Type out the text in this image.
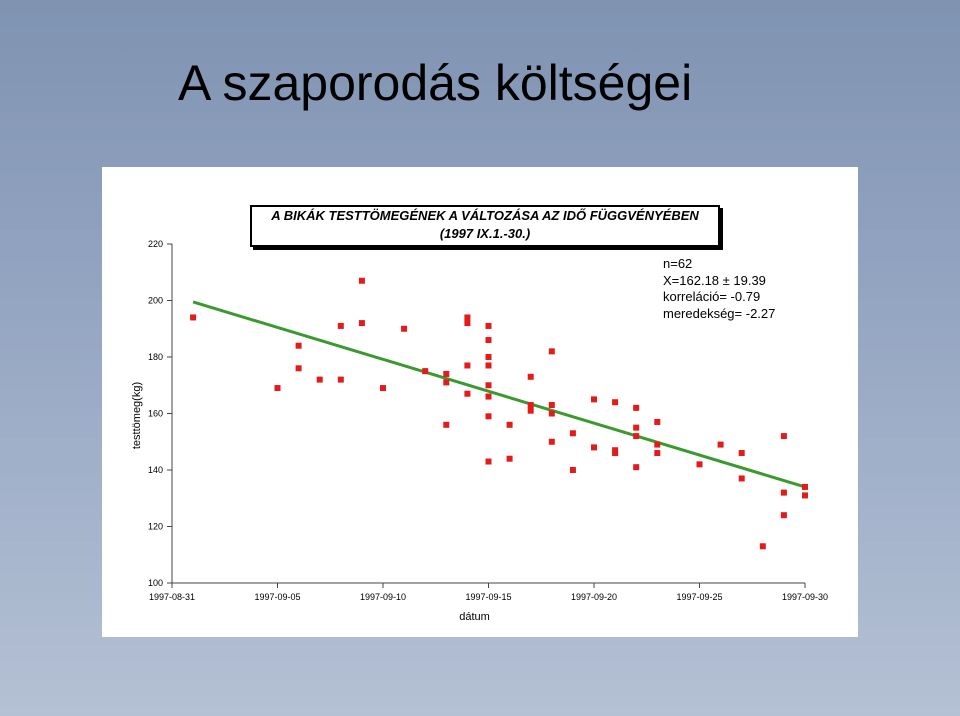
A szaporodás költségei
100
120
140
160
180
200
220
1997-08-31	1997-09-05	1997-09-10	1997-09-15	1997-09-20	1997-09-25	1997-09-30
dátum
testtömeg(kg)
A BIKÁK TESTTÖMEGÉNEK A VÁLTOZÁSA AZ IDŐ FÜGGVÉNYÉBEN
(1997 IX.1.-30.)
n=62
X=162.18 ± 19.39
korreláció= -0.79
meredekség= -2.27
